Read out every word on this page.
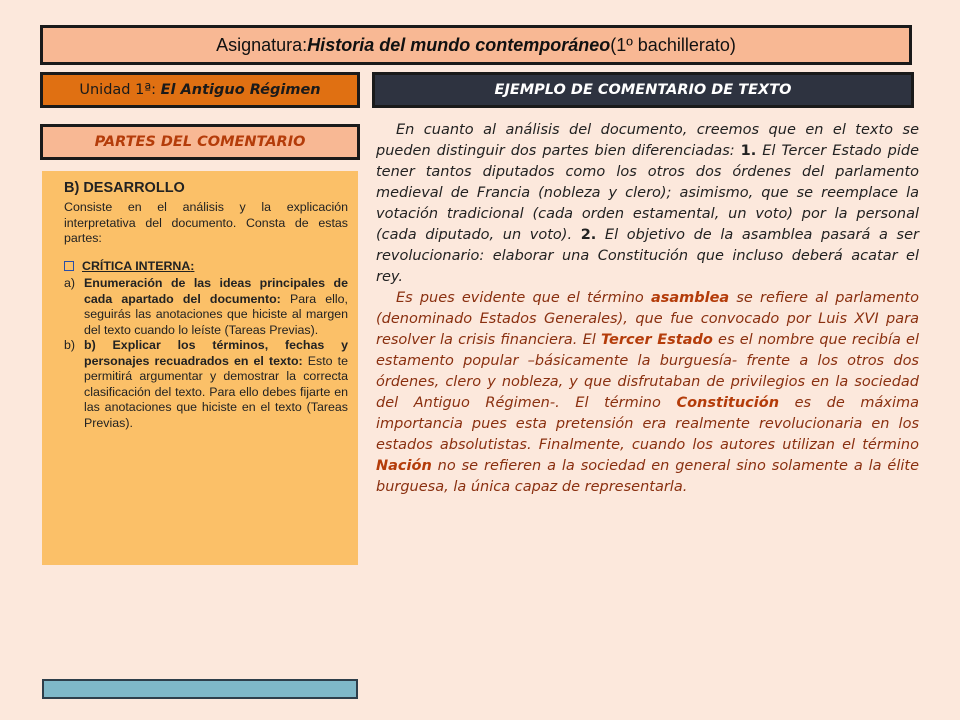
Asignatura: Historia del mundo contemporáneo (1º bachillerato)
Unidad 1ª:
El Antiguo Régimen	EJEMPLO DE COMENTARIO DE TEXTO
PARTES DEL COMENTARIO
B) DESARROLLO
Consiste en el análisis y la explicación interpretativa del documento. Consta de estas partes:
CRÍTICA INTERNA :
a) Enumeración de las ideas principales de cada apartado del documento: Para ello, seguirás las anotaciones que hiciste al margen del texto cuando lo leíste (Tareas Previas).
b) b) Explicar los términos, fechas y personajes recuadrados en el texto: Esto te permitirá argumentar y demostrar la correcta clasificación del texto. Para ello debes fijarte en las anotaciones que hiciste en el texto (Tareas Previas).

En cuanto al análisis del documento, creemos que en el texto se pueden distinguir dos partes bien diferenciadas: 1. El Tercer Estado pide tener tantos diputados como los otros dos órdenes del parlamento medieval de Francia (nobleza y clero); asimismo, que se reemplace la votación tradicional (cada orden estamental, un voto) por la personal (cada diputado, un voto). 2. El objetivo de la asamblea pasará a ser revolucionario: elaborar una Constitución que incluso deberá acatar el rey.

Es pues evidente que el término asamblea se refiere al parlamento (denominado Estados Generales), que fue convocado por Luis XVI para resolver la crisis financiera. El Tercer Estado es el nombre que recibía el estamento popular –básicamente la burguesía- frente a los otros dos órdenes, clero y nobleza, y que disfrutaban de privilegios en la sociedad del Antiguo Régimen-. El término Constitución es de máxima importancia pues esta pretensión era realmente revolucionaria en los estados absolutistas. Finalmente, cuando los autores utilizan el término Nación no se refieren a la sociedad en general sino solamente a la élite burguesa, la única capaz de representarla.
